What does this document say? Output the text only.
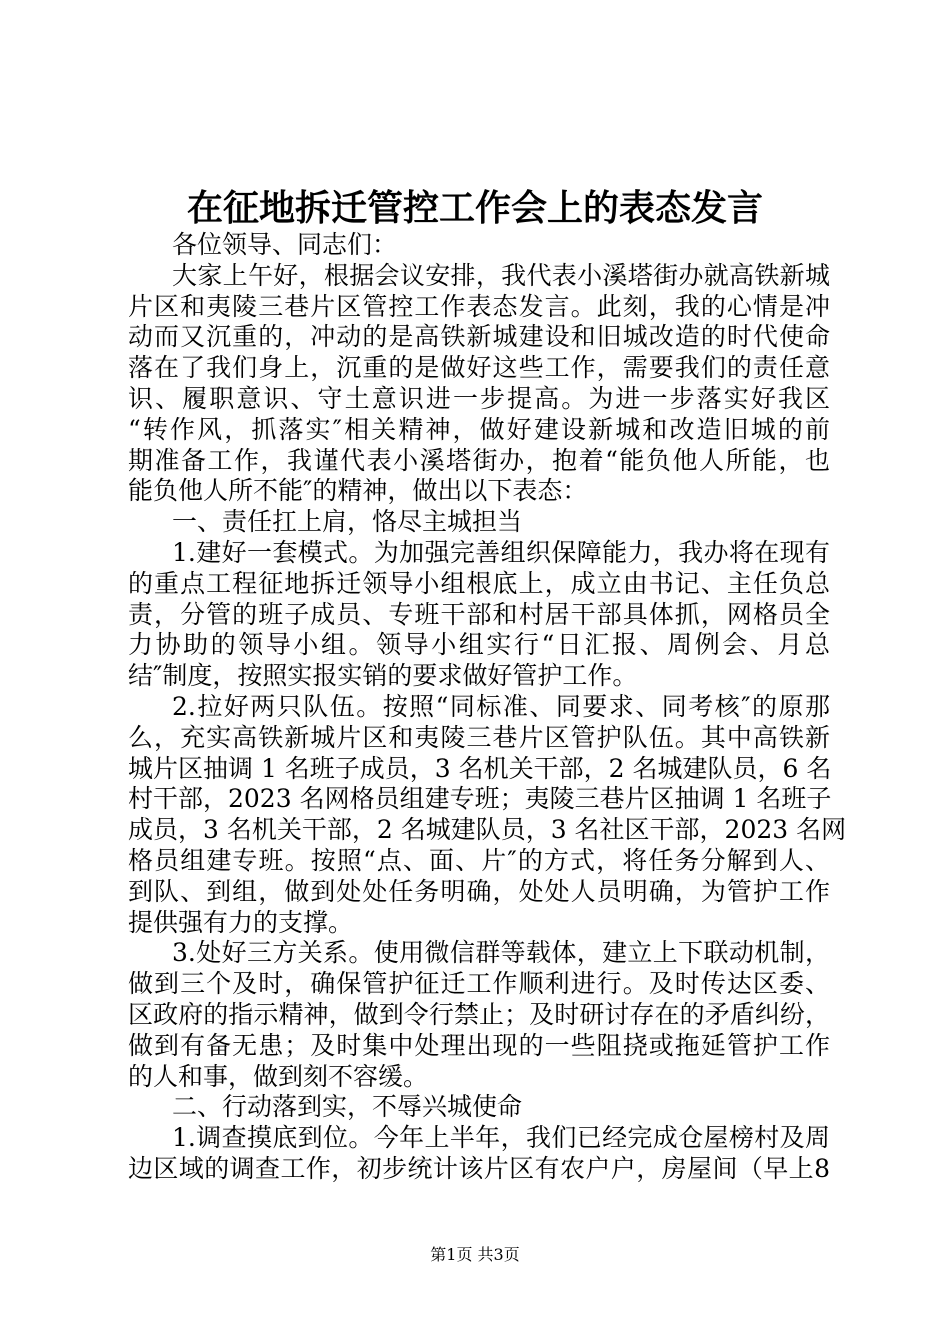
在征地拆迁管控工作会上的表态发言
各位领导、同志们：
大家上午好，根据会议安排，我代表小溪塔街办就高铁新城
片区和夷陵三巷片区管控工作表态发言。此刻，我的心情是冲
动而又沉重的，冲动的是高铁新城建设和旧城改造的时代使命
落在了我们身上，沉重的是做好这些工作，需要我们的责任意
识、履职意识、守土意识进一步提高。为进一步落实好我区
“转作风，抓落实″相关精神，做好建设新城和改造旧城的前
期准备工作，我谨代表小溪塔街办，抱着“能负他人所能，也
能负他人所不能″的精神，做出以下表态：
一、责任扛上肩，恪尽主城担当
1.建好一套模式。为加强完善组织保障能力，我办将在现有
的重点工程征地拆迁领导小组根底上，成立由书记、主任负总
责，分管的班子成员、专班干部和村居干部具体抓，网格员全
力协助的领导小组。领导小组实行“日汇报、周例会、月总
结″制度，按照实报实销的要求做好管护工作。
2.拉好两只队伍。按照“同标准、同要求、同考核″的原那
么，充实高铁新城片区和夷陵三巷片区管护队伍。其中高铁新
城片区抽调 1 名班子成员，3 名机关干部，2 名城建队员，6 名
村干部，2023 名网格员组建专班；夷陵三巷片区抽调 1 名班子
成员，3 名机关干部，2 名城建队员，3 名社区干部，2023 名网
格员组建专班。按照“点、面、片″的方式，将任务分解到人、
到队、到组，做到处处任务明确，处处人员明确，为管护工作
提供强有力的支撑。
3.处好三方关系。使用微信群等载体，建立上下联动机制，
做到三个及时，确保管护征迁工作顺利进行。及时传达区委、
区政府的指示精神，做到令行禁止；及时研讨存在的矛盾纠纷，
做到有备无患；及时集中处理出现的一些阻挠或拖延管护工作
的人和事，做到刻不容缓。
二、行动落到实，不辱兴城使命
1.调查摸底到位。今年上半年，我们已经完成仓屋榜村及周
边区域的调查工作，初步统计该片区有农户户，房屋间（早上8
第1页 共3页
